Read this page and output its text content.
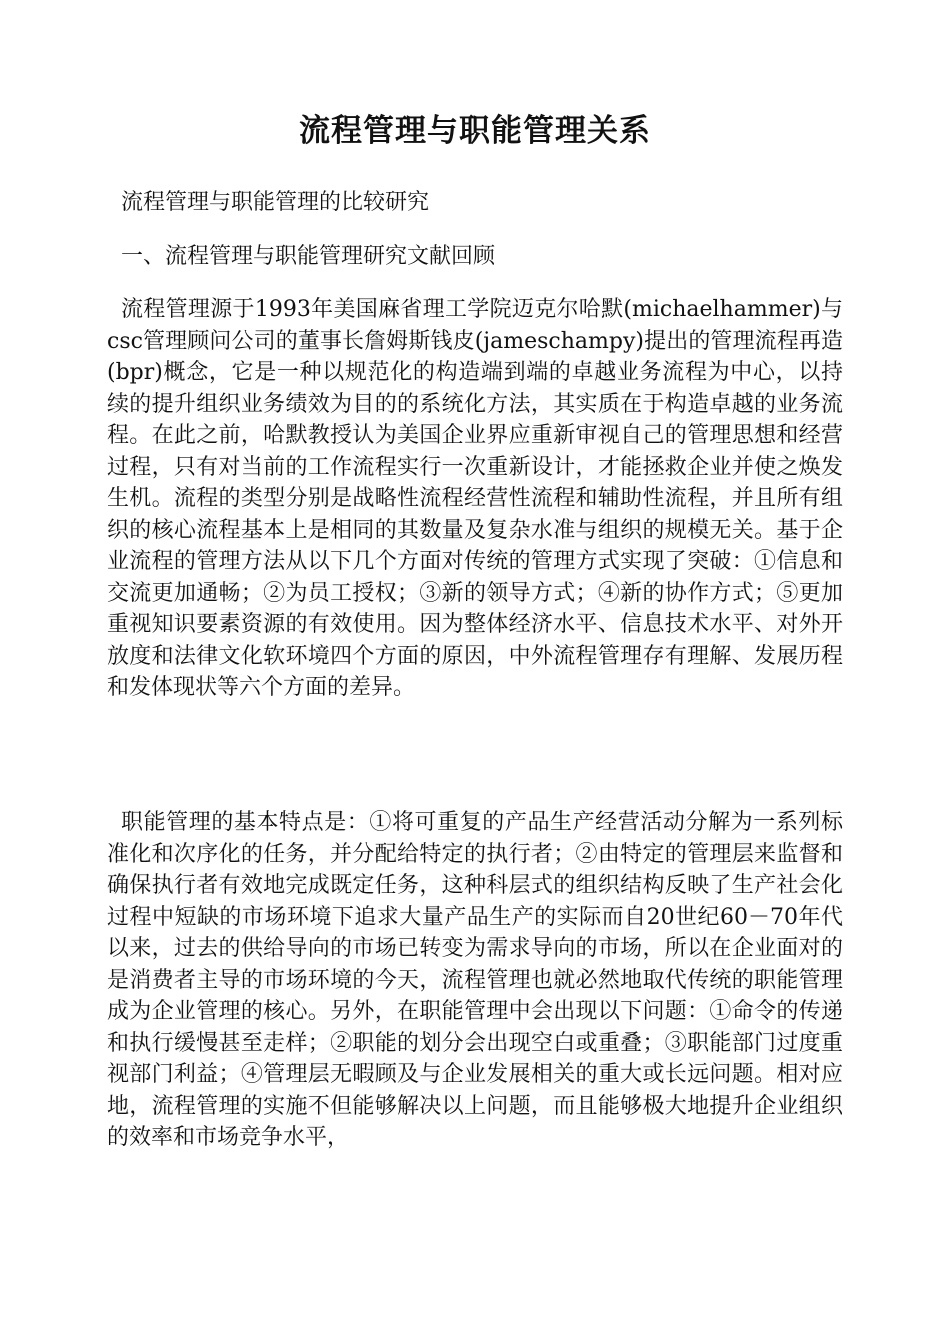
流程管理与职能管理关系

流程管理与职能管理的比较研究

一、流程管理与职能管理研究文献回顾

流程管理源于1993年美国麻省理工学院迈克尔哈默(michaelhammer)与csc管理顾问公司的董事长詹姆斯钱皮(jameschampy)提出的管理流程再造(bpr)概念，它是一种以规范化的构造端到端的卓越业务流程为中心，以持续的提升组织业务绩效为目的的系统化方法，其实质在于构造卓越的业务流程。在此之前，哈默教授认为美国企业界应重新审视自己的管理思想和经营过程，只有对当前的工作流程实行一次重新设计，才能拯救企业并使之焕发生机。流程的类型分别是战略性流程经营性流程和辅助性流程，并且所有组织的核心流程基本上是相同的其数量及复杂水准与组织的规模无关。基于企业流程的管理方法从以下几个方面对传统的管理方式实现了突破：①信息和交流更加通畅；②为员工授权；③新的领导方式；④新的协作方式；⑤更加重视知识要素资源的有效使用。因为整体经济水平、信息技术水平、对外开放度和法律文化软环境四个方面的原因，中外流程管理存有理解、发展历程和发体现状等六个方面的差异。

职能管理的基本特点是：①将可重复的产品生产经营活动分解为一系列标准化和次序化的任务，并分配给特定的执行者；②由特定的管理层来监督和确保执行者有效地完成既定任务，这种科层式的组织结构反映了生产社会化过程中短缺的市场环境下追求大量产品生产的实际而自20世纪60－70年代以来，过去的供给导向的市场已转变为需求导向的市场，所以在企业面对的是消费者主导的市场环境的今天，流程管理也就必然地取代传统的职能管理成为企业管理的核心。另外，在职能管理中会出现以下问题：①命令的传递和执行缓慢甚至走样；②职能的划分会出现空白或重叠；③职能部门过度重视部门利益；④管理层无暇顾及与企业发展相关的重大或长远问题。相对应地，流程管理的实施不但能够解决以上问题，而且能够极大地提升企业组织的效率和市场竞争水平，
